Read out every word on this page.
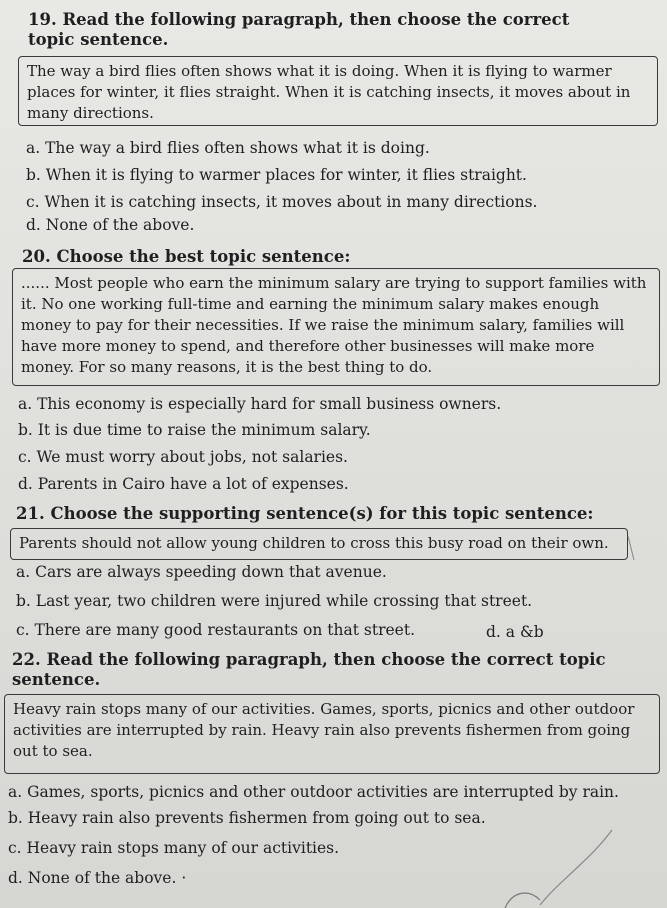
19. Read the following paragraph, then choose the correct topic sentence.
The way a bird flies often shows what it is doing. When it is flying to warmer places for winter, it flies straight. When it is catching insects, it moves about in many directions.
a. The way a bird flies often shows what it is doing.
b. When it is flying to warmer places for winter, it flies straight.
c. When it is catching insects, it moves about in many directions.
d. None of the above.
20. Choose the best topic sentence:
...... Most people who earn the minimum salary are trying to support families with it. No one working full-time and earning the minimum salary makes enough money to pay for their necessities. If we raise the minimum salary, families will have more money to spend, and therefore other businesses will make more money. For so many reasons, it is the best thing to do.
a. This economy is especially hard for small business owners.
b. It is due time to raise the minimum salary.
c. We must worry about jobs, not salaries.
d. Parents in Cairo have a lot of expenses.
21. Choose the supporting sentence(s) for this topic sentence:
Parents should not allow young children to cross this busy road on their own.
a. Cars are always speeding down that avenue.
b. Last year, two children were injured while crossing that street.
c. There are many good restaurants on that street.	d. a &b
22. Read the following paragraph, then choose the correct topic sentence.
Heavy rain stops many of our activities. Games, sports, picnics and other outdoor activities are interrupted by rain. Heavy rain also prevents fishermen from going out to sea.
a. Games, sports, picnics and other outdoor activities are interrupted by rain.
b. Heavy rain also prevents fishermen from going out to sea.
c. Heavy rain stops many of our activities.
d. None of the above. ·
